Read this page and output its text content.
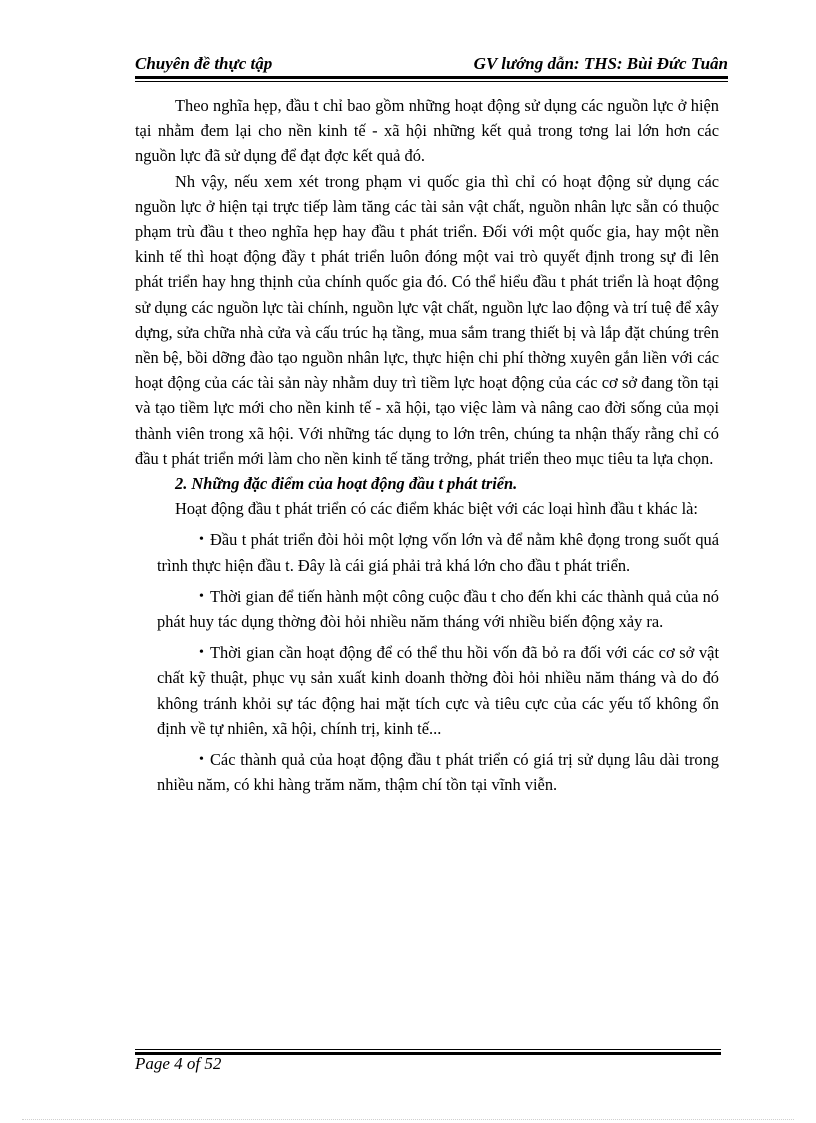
Chuyên đề thực tập	GV lướng dẫn: THS: Bùi Đức Tuân

Theo nghĩa hẹp, đầu t chỉ bao gồm những hoạt động sử dụng các nguồn lực ở hiện tại nhằm đem lại cho nền kinh tế - xã hội những kết quả trong tơng lai lớn hơn các nguồn lực đã sử dụng để đạt đợc kết quả đó.

Nh vậy, nếu xem xét trong phạm vi quốc gia thì chỉ có hoạt động sử dụng các nguồn lực ở hiện tại trực tiếp làm tăng các tài sản vật chất, nguồn nhân lực sẵn có thuộc phạm trù đầu t theo nghĩa hẹp hay đầu t phát triển. Đối với một quốc gia, hay một nền kinh tế thì hoạt động đầy t phát triển luôn đóng một vai trò quyết định trong sự đi lên phát triển hay hng thịnh của chính quốc gia đó. Có thể hiểu đầu t phát triển là hoạt động sử dụng các nguồn lực tài chính, nguồn lực vật chất, nguồn lực lao động và trí tuệ để xây dựng, sửa chữa nhà cửa và cấu trúc hạ tầng, mua sắm trang thiết bị và lắp đặt chúng trên nền bệ, bồi dỡng đào tạo nguồn nhân lực, thực hiện chi phí thờng xuyên gắn liền với các hoạt động của các tài sản này nhằm duy trì tiềm lực hoạt động của các cơ sở đang tồn tại và tạo tiềm lực mới cho nền kinh tế - xã hội, tạo việc làm và nâng cao đời sống của mọi thành viên trong xã hội. Với những tác dụng to lớn trên, chúng ta nhận thấy rằng chỉ có đầu t phát triển mới làm cho nền kinh tế tăng trởng, phát triển theo mục tiêu ta lựa chọn.

2. Những đặc điểm của hoạt động đầu t phát triển.

Hoạt động đầu t phát triển có các điểm khác biệt với các loại hình đầu t khác là:

• Đầu t phát triển đòi hỏi một lợng vốn lớn và để nằm khê đọng trong suốt quá trình thực hiện đầu t. Đây là cái giá phải trả khá lớn cho đầu t phát triển.

• Thời gian để tiến hành một công cuộc đầu t cho đến khi các thành quả của nó phát huy tác dụng thờng đòi hỏi nhiều năm tháng với nhiều biến động xảy ra.

• Thời gian cần hoạt động để có thể thu hồi vốn đã bỏ ra đối với các cơ sở vật chất kỹ thuật, phục vụ sản xuất kinh doanh thờng đòi hỏi nhiều năm tháng và do đó không tránh khỏi sự tác động hai mặt tích cực và tiêu cực của các yếu tố không ổn định về tự nhiên, xã hội, chính trị, kinh tế...

• Các thành quả của hoạt động đầu t phát triển có giá trị sử dụng lâu dài trong nhiều năm, có khi hàng trăm năm, thậm chí tồn tại vĩnh viễn.

Page 4 of 52
